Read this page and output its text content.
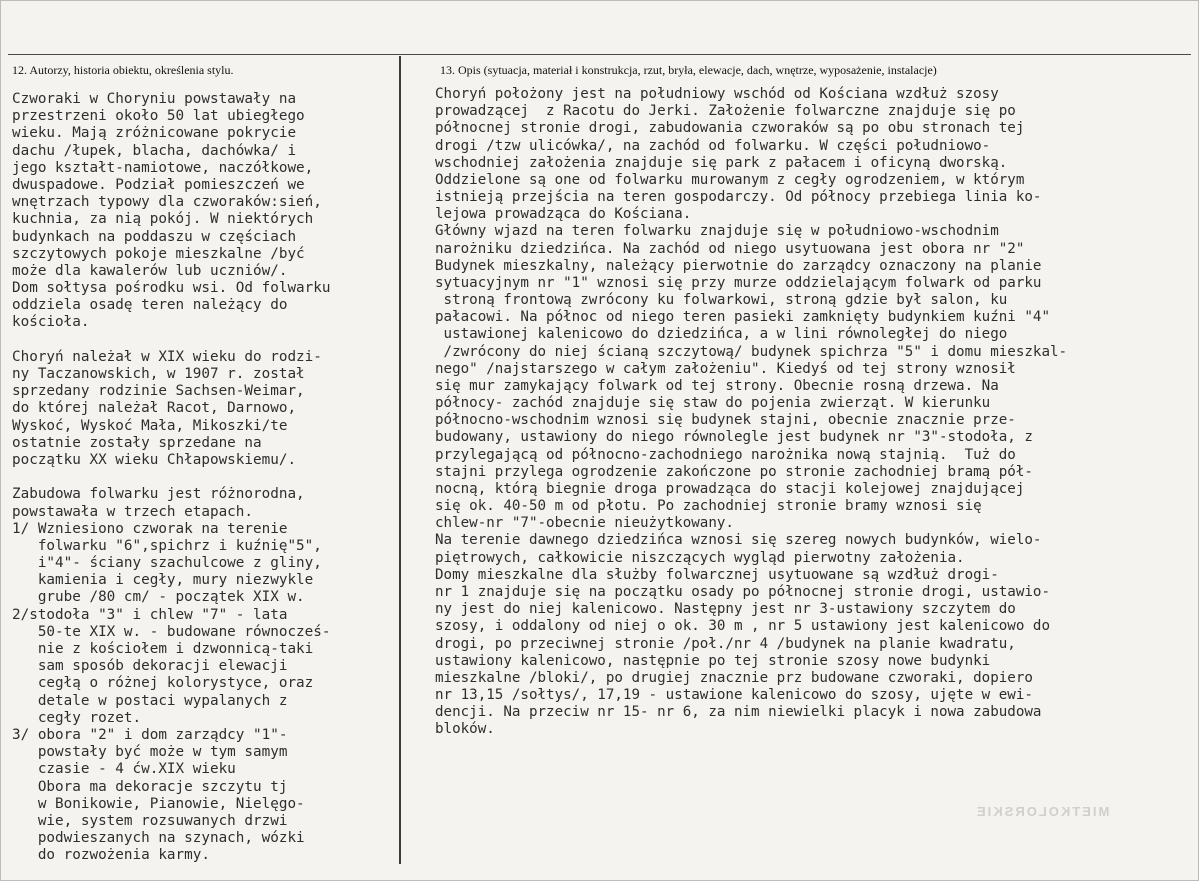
12. Autorzy, historia obiektu, określenia stylu.	13. Opis (sytuacja, materiał i konstrukcja, rzut, bryła, elewacje, dach, wnętrze, wyposażenie, instalacje)
Czworaki w Choryniu powstawały na
przestrzeni około 50 lat ubiegłego
wieku. Mają zróżnicowane pokrycie
dachu /łupek, blacha, dachówka/ i
jego kształt-namiotowe, naczółkowe,
dwuspadowe. Podział pomieszczeń we
wnętrzach typowy dla czworaków:sień,
kuchnia, za nią pokój. W niektórych
budynkach na poddaszu w częściach
szczytowych pokoje mieszkalne /być
może dla kawalerów lub uczniów/.
Dom sołtysa pośrodku wsi. Od folwarku
oddziela osadę teren należący do
kościoła.
Choryń należał w XIX wieku do rodzi-
ny Taczanowskich, w 1907 r. został
sprzedany rodzinie Sachsen-Weimar,
do której należał Racot, Darnowo,
Wyskoć, Wyskoć Mała, Mikoszki/te
ostatnie zostały sprzedane na
początku XX wieku Chłapowskiemu/.
Zabudowa folwarku jest różnorodna,
powstawała w trzech etapach.
1/ Wzniesiono czworak na terenie
folwarku "6",spichrz i kuźnię"5",
i"4"- ściany szachulcowe z gliny,
kamienia i cegły, mury niezwykle
grube /80 cm/ - początek XIX w.
2/stodoła "3" i chlew "7" - lata
50-te XIX w. - budowane równocześ-
nie z kościołem i dzwonnicą-taki
sam sposób dekoracji elewacji
cegłą o różnej kolorystyce, oraz
detale w postaci wypalanych z
cegły rozet.
3/ obora "2" i dom zarządcy "1"-
powstały być może w tym samym
czasie - 4 ćw.XIX wieku
Obora ma dekoracje szczytu tj
w Bonikowie, Pianowie, Nielęgo-
wie, system rozsuwanych drzwi
podwieszanych na szynach, wózki
do rozwożenia karmy.
Choryń położony jest na południowy wschód od Kościana wzdłuż szosy
prowadzącej  z Racotu do Jerki. Założenie folwarczne znajduje się po
północnej stronie drogi, zabudowania czworaków są po obu stronach tej
drogi /tzw ulicówka/, na zachód od folwarku. W części południowo-
wschodniej założenia znajduje się park z pałacem i oficyną dworską.
Oddzielone są one od folwarku murowanym z cegły ogrodzeniem, w którym
istnieją przejścia na teren gospodarczy. Od północy przebiega linia ko-
lejowa prowadząca do Kościana.
Główny wjazd na teren folwarku znajduje się w południowo-wschodnim
narożniku dziedzińca. Na zachód od niego usytuowana jest obora nr "2"
Budynek mieszkalny, należący pierwotnie do zarządcy oznaczony na planie
sytuacyjnym nr "1" wznosi się przy murze oddzielającym folwark od parku
stroną frontową zwrócony ku folwarkowi, stroną gdzie był salon, ku
pałacowi. Na północ od niego teren pasieki zamknięty budynkiem kuźni "4"
ustawionej kalenicowo do dziedzińca, a w lini równoległej do niego
/zwrócony do niej ścianą szczytową/ budynek spichrza "5" i domu mieszkal-
nego" /najstarszego w całym założeniu". Kiedyś od tej strony wznosił
się mur zamykający folwark od tej strony. Obecnie rosną drzewa. Na
północy- zachód znajduje się staw do pojenia zwierząt. W kierunku
północno-wschodnim wznosi się budynek stajni, obecnie znacznie prze-
budowany, ustawiony do niego równolegle jest budynek nr "3"-stodoła, z
przylegającą od północno-zachodniego narożnika nową stajnią.  Tuż do
stajni przylega ogrodzenie zakończone po stronie zachodniej bramą pół-
nocną, którą biegnie droga prowadząca do stacji kolejowej znajdującej
się ok. 40-50 m od płotu. Po zachodniej stronie bramy wznosi się
chlew-nr "7"-obecnie nieużytkowany.
Na terenie dawnego dziedzińca wznosi się szereg nowych budynków, wielo-
piętrowych, całkowicie niszczących wygląd pierwotny założenia.
Domy mieszkalne dla służby folwarcznej usytuowane są wzdłuż drogi-
nr 1 znajduje się na początku osady po północnej stronie drogi, ustawio-
ny jest do niej kalenicowo. Następny jest nr 3-ustawiony szczytem do
szosy, i oddalony od niej o ok. 30 m , nr 5 ustawiony jest kalenicowo do
drogi, po przeciwnej stronie /poł./nr 4 /budynek na planie kwadratu,
ustawiony kalenicowo, następnie po tej stronie szosy nowe budynki
mieszkalne /bloki/, po drugiej znacznie prz budowane czworaki, dopiero
nr 13,15 /sołtys/, 17,19 - ustawione kalenicowo do szosy, ujęte w ewi-
dencji. Na przeciw nr 15- nr 6, za nim niewielki placyk i nowa zabudowa
bloków.
MIETKOLORSKIE
